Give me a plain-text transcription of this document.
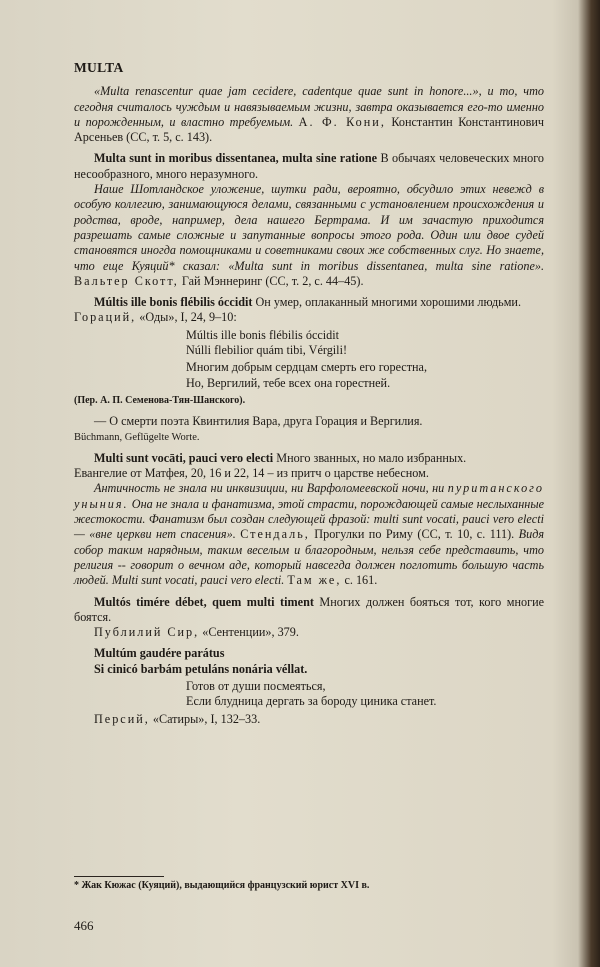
MULTA

«Multa renascentur quae jam cecidere, cadentque quae sunt in honore...», и то, что сегодня считалось чуждым и навязываемым жизни, завтра оказывается его-то именно и порожденным, и властно требуемым. А. Ф. Кони, Константин Константинович Арсеньев (СС, т. 5, с. 143).

Multa sunt in moribus dissentanea, multa sine ratione В обычаях человеческих много несообразного, много неразумного.

Наше Шотландское уложение, шутки ради, вероятно, обсудило этих невежд в особую коллегию, занимающуюся делами, связанными с установлением происхождения и родства, вроде, например, дела нашего Бертрама. И им зачастую приходится разрешать самые сложные и запутанные вопросы этого рода. Один или двое судей становятся иногда помощниками и советниками своих же собственных слуг. Но знаете, что еще Куяций* сказал: «Multa sunt in moribus dissentanea, multa sine ratione». Вальтер Скотт, Гай Мэннеринг (СС, т. 2, с. 44–45).

Múltis ille bonis flébilis óccidit Он умер, оплаканный многими хорошими людьми.

Гораций, «Оды», I, 24, 9–10:

Múltis ille bonis flébilis óccidit
Núlli flebilior quám tibi, Vérgili!
Многим добрым сердцам смерть его горестна,
Но, Вергилий, тебе всех она горестней.

(Пер. А. П. Семенова-Тян-Шанского).

— О смерти поэта Квинтилия Вара, друга Горация и Вергилия.

Büchmann, Geflügelte Worte.

Multi sunt vocāti, pauci vero electi Много званных, но мало избранных.

Евангелие от Матфея, 20, 16 и 22, 14 – из притч о царстве небесном.

Античность не знала ни инквизиции, ни Варфоломеевской ночи, ни пуританского уныния. Она не знала и фанатизма, этой страсти, порождающей самые неслыханные жестокости. Фанатизм был создан следующей фразой: multi sunt vocati, pauci vero electi — «вне церкви нет спасения». Стендаль, Прогулки по Риму (СС, т. 10, с. 111). Видя собор таким нарядным, таким веселым и благородным, нельзя себе представить, что религия -- говорит о вечном аде, который навсегда должен поглотить большую часть людей. Multi sunt vocati, pauci vero electi. Там же, с. 161.

Multós timére débet, quem multi timent Многих должен бояться тот, кого многие боятся.

Публилий Сир, «Сентенции», 379.

Multúm gaudére parátus

Si cinicó barbám petuláns nonária véllat.

Готов от души посмеяться,
Если блудница дергать за бороду циника станет.

Персий, «Сатиры», I, 132–33.

* Жак Кюжас (Куяций), выдающийся французский юрист XVI в.
466
